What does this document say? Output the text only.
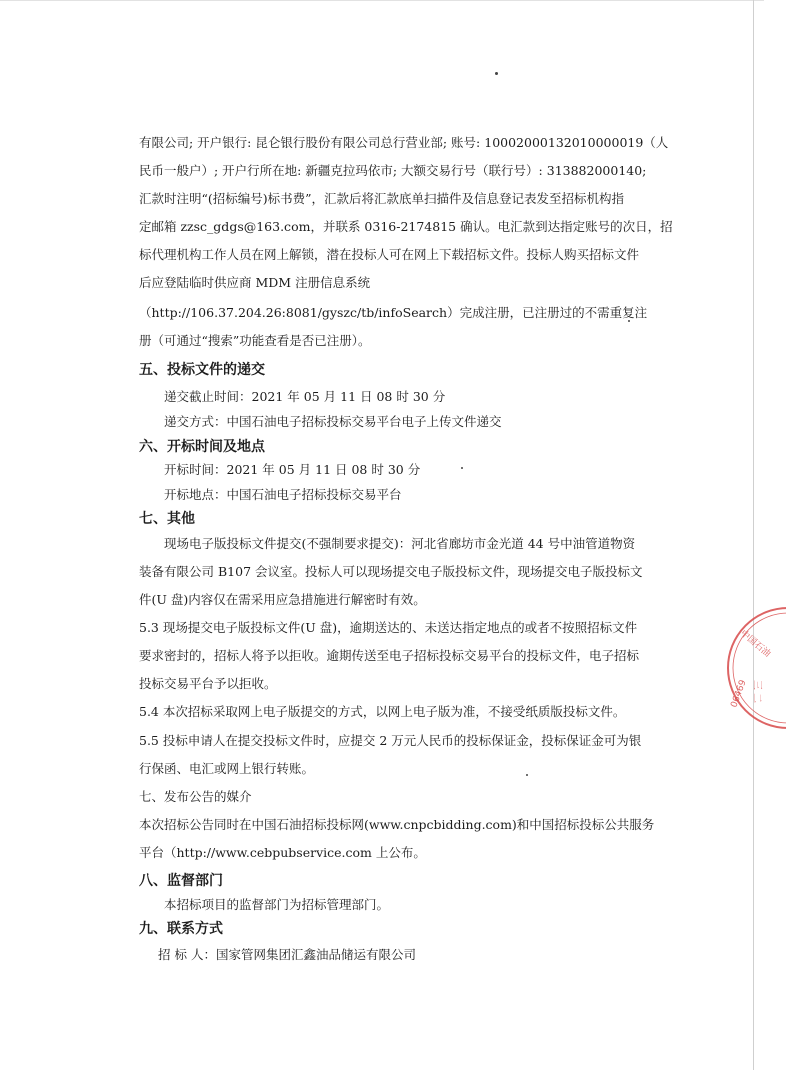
有限公司; 开户银行: 昆仑银行股份有限公司总行营业部; 账号: 10002000132010000019（人
民币一般户）; 开户行所在地: 新疆克拉玛依市; 大额交易行号（联行号）: 313882000140;
汇款时注明“(招标编号)标书费”，汇款后将汇款底单扫描件及信息登记表发至招标机构指
定邮箱 zzsc_gdgs@163.com，并联系 0316-2174815 确认。电汇款到达指定账号的次日，招
标代理机构工作人员在网上解锁，潜在投标人可在网上下载招标文件。投标人购买招标文件
后应登陆临时供应商 MDM 注册信息系统
（http://106.37.204.26:8081/gyszc/tb/infoSearch）完成注册，已注册过的不需重复注
册（可通过“搜索”功能查看是否已注册）。
五、投标文件的递交
递交截止时间：2021 年 05 月 11 日 08 时 30 分
递交方式：中国石油电子招标投标交易平台电子上传文件递交
六、开标时间及地点
开标时间：2021 年 05 月 11 日 08 时 30 分
开标地点：中国石油电子招标投标交易平台
七、其他
现场电子版投标文件提交(不强制要求提交)：河北省廊坊市金光道 44 号中油管道物资
装备有限公司 B107 会议室。投标人可以现场提交电子版投标文件，现场提交电子版投标文
件(U 盘)内容仅在需采用应急措施进行解密时有效。
5.3 现场提交电子版投标文件(U 盘)，逾期送达的、未送达指定地点的或者不按照招标文件
要求密封的，招标人将予以拒收。逾期传送至电子招标投标交易平台的投标文件，电子招标
投标交易平台予以拒收。
5.4 本次招标采取网上电子版提交的方式，以网上电子版为准，不接受纸质版投标文件。
5.5 投标申请人在提交投标文件时，应提交 2 万元人民币的投标保证金，投标保证金可为银
行保函、电汇或网上银行转账。
七、发布公告的媒介
本次招标公告同时在中国石油招标投标网(www.cnpcbidding.com)和中国招标投标公共服务
平台（http://www.cebpubservice.com 上公布。
八、监督部门
本招标项目的监督部门为招标管理部门。
九、联系方式
招 标 人：国家管网集团汇鑫油品储运有限公司
中国石油
三 二
06469
